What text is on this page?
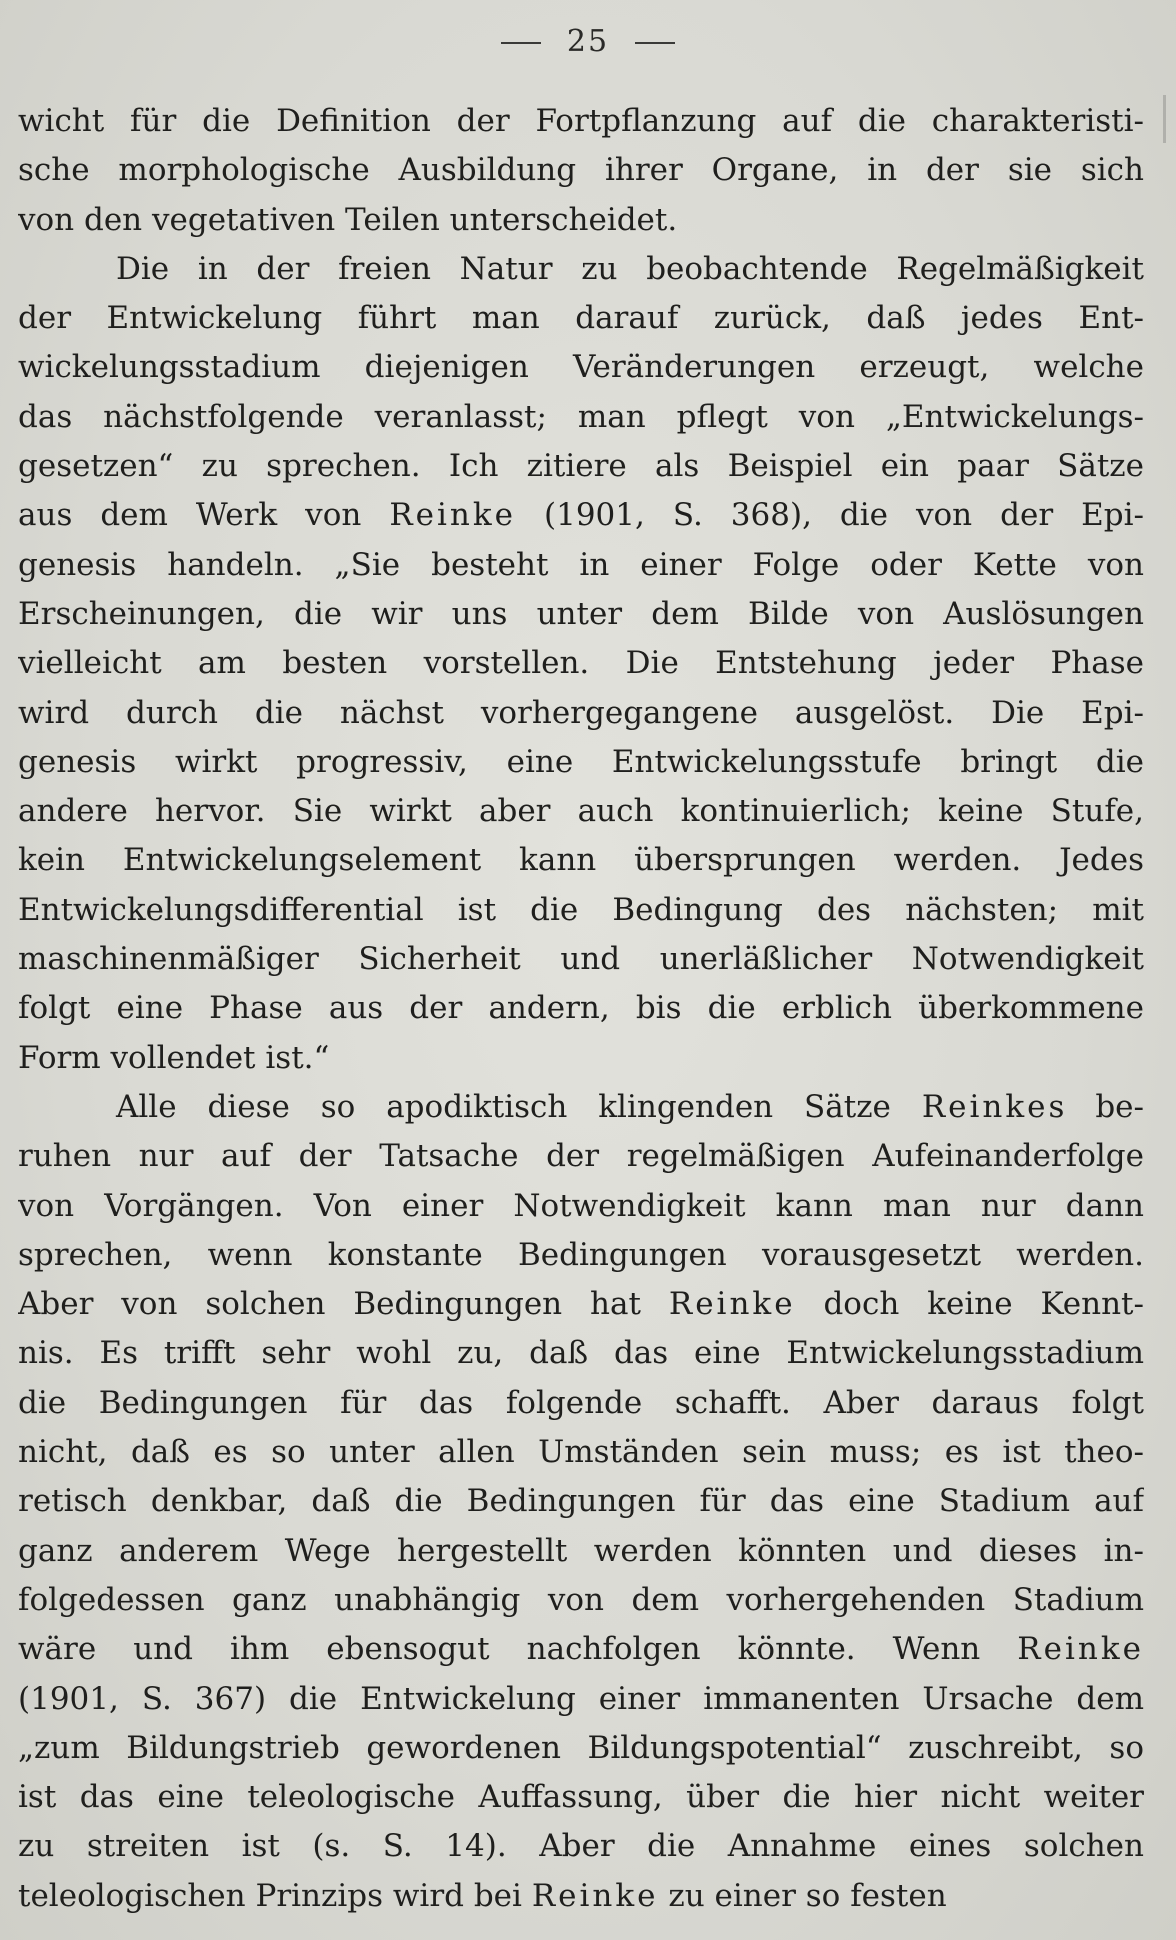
25
wicht für die Definition der Fortpflanzung auf die charakteristi-
sche morphologische Ausbildung ihrer Organe, in der sie sich
von den vegetativen Teilen unterscheidet.
Die in der freien Natur zu beobachtende Regelmäßigkeit
der Entwickelung führt man darauf zurück, daß jedes Ent-
wickelungsstadium diejenigen Veränderungen erzeugt, welche
das nächstfolgende veranlasst; man pflegt von „Entwickelungs-
gesetzen“ zu sprechen. Ich zitiere als Beispiel ein paar Sätze
aus dem Werk von Reinke (1901, S. 368), die von der Epi-
genesis handeln. „Sie besteht in einer Folge oder Kette von
Erscheinungen, die wir uns unter dem Bilde von Auslösungen
vielleicht am besten vorstellen. Die Entstehung jeder Phase
wird durch die nächst vorhergegangene ausgelöst. Die Epi-
genesis wirkt progressiv, eine Entwickelungsstufe bringt die
andere hervor. Sie wirkt aber auch kontinuierlich; keine Stufe,
kein Entwickelungselement kann übersprungen werden. Jedes
Entwickelungsdifferential ist die Bedingung des nächsten; mit
maschinenmäßiger Sicherheit und unerläßlicher Notwendigkeit
folgt eine Phase aus der andern, bis die erblich überkommene
Form vollendet ist.“
Alle diese so apodiktisch klingenden Sätze Reinkes be-
ruhen nur auf der Tatsache der regelmäßigen Aufeinanderfolge
von Vorgängen. Von einer Notwendigkeit kann man nur dann
sprechen, wenn konstante Bedingungen vorausgesetzt werden.
Aber von solchen Bedingungen hat Reinke doch keine Kennt-
nis. Es trifft sehr wohl zu, daß das eine Entwickelungsstadium
die Bedingungen für das folgende schafft. Aber daraus folgt
nicht, daß es so unter allen Umständen sein muss; es ist theo-
retisch denkbar, daß die Bedingungen für das eine Stadium auf
ganz anderem Wege hergestellt werden könnten und dieses in-
folgedessen ganz unabhängig von dem vorhergehenden Stadium
wäre und ihm ebensogut nachfolgen könnte. Wenn Reinke
(1901, S. 367) die Entwickelung einer immanenten Ursache dem
„zum Bildungstrieb gewordenen Bildungspotential“ zuschreibt, so
ist das eine teleologische Auffassung, über die hier nicht weiter
zu streiten ist (s. S. 14). Aber die Annahme eines solchen
teleologischen Prinzips wird bei Reinke zu einer so festen
